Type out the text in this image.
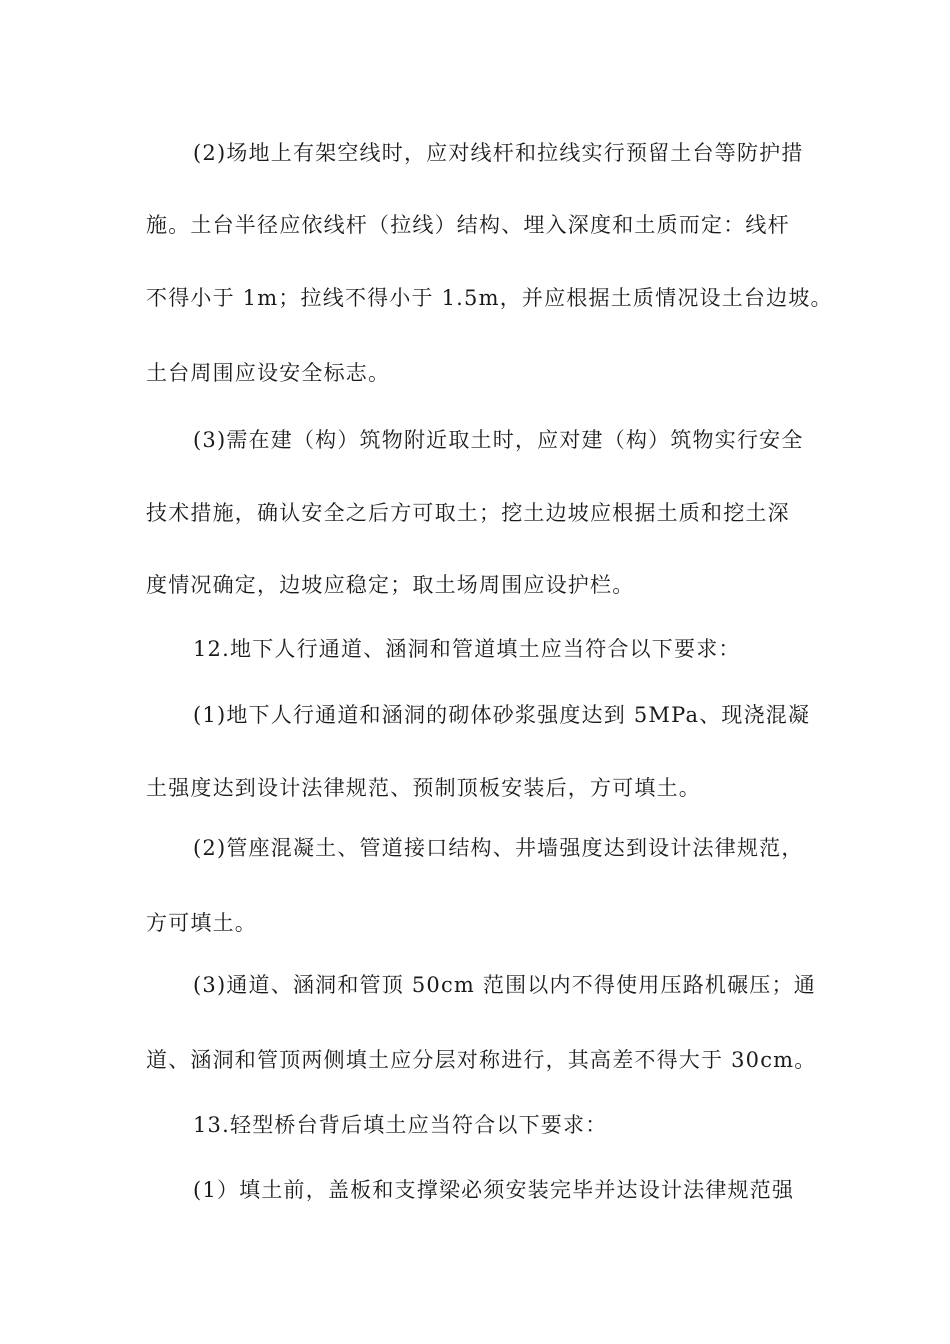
(2)场地上有架空线时，应对线杆和拉线实行预留土台等防护措
施。土台半径应依线杆（拉线）结构、埋入深度和土质而定：线杆
不得小于 1m；拉线不得小于 1.5m，并应根据土质情况设土台边坡。
土台周围应设安全标志。
(3)需在建（构）筑物附近取土时，应对建（构）筑物实行安全
技术措施，确认安全之后方可取土；挖土边坡应根据土质和挖土深
度情况确定，边坡应稳定；取土场周围应设护栏。
12.地下人行通道、涵洞和管道填土应当符合以下要求：
(1)地下人行通道和涵洞的砌体砂浆强度达到 5MPa、现浇混凝
土强度达到设计法律规范、预制顶板安装后，方可填土。
(2)管座混凝土、管道接口结构、井墙强度达到设计法律规范，
方可填土。
(3)通道、涵洞和管顶 50cm 范围以内不得使用压路机碾压；通
道、涵洞和管顶两侧填土应分层对称进行，其高差不得大于 30cm。
13.轻型桥台背后填土应当符合以下要求：
(1）填土前，盖板和支撑梁必须安装完毕并达设计法律规范强
